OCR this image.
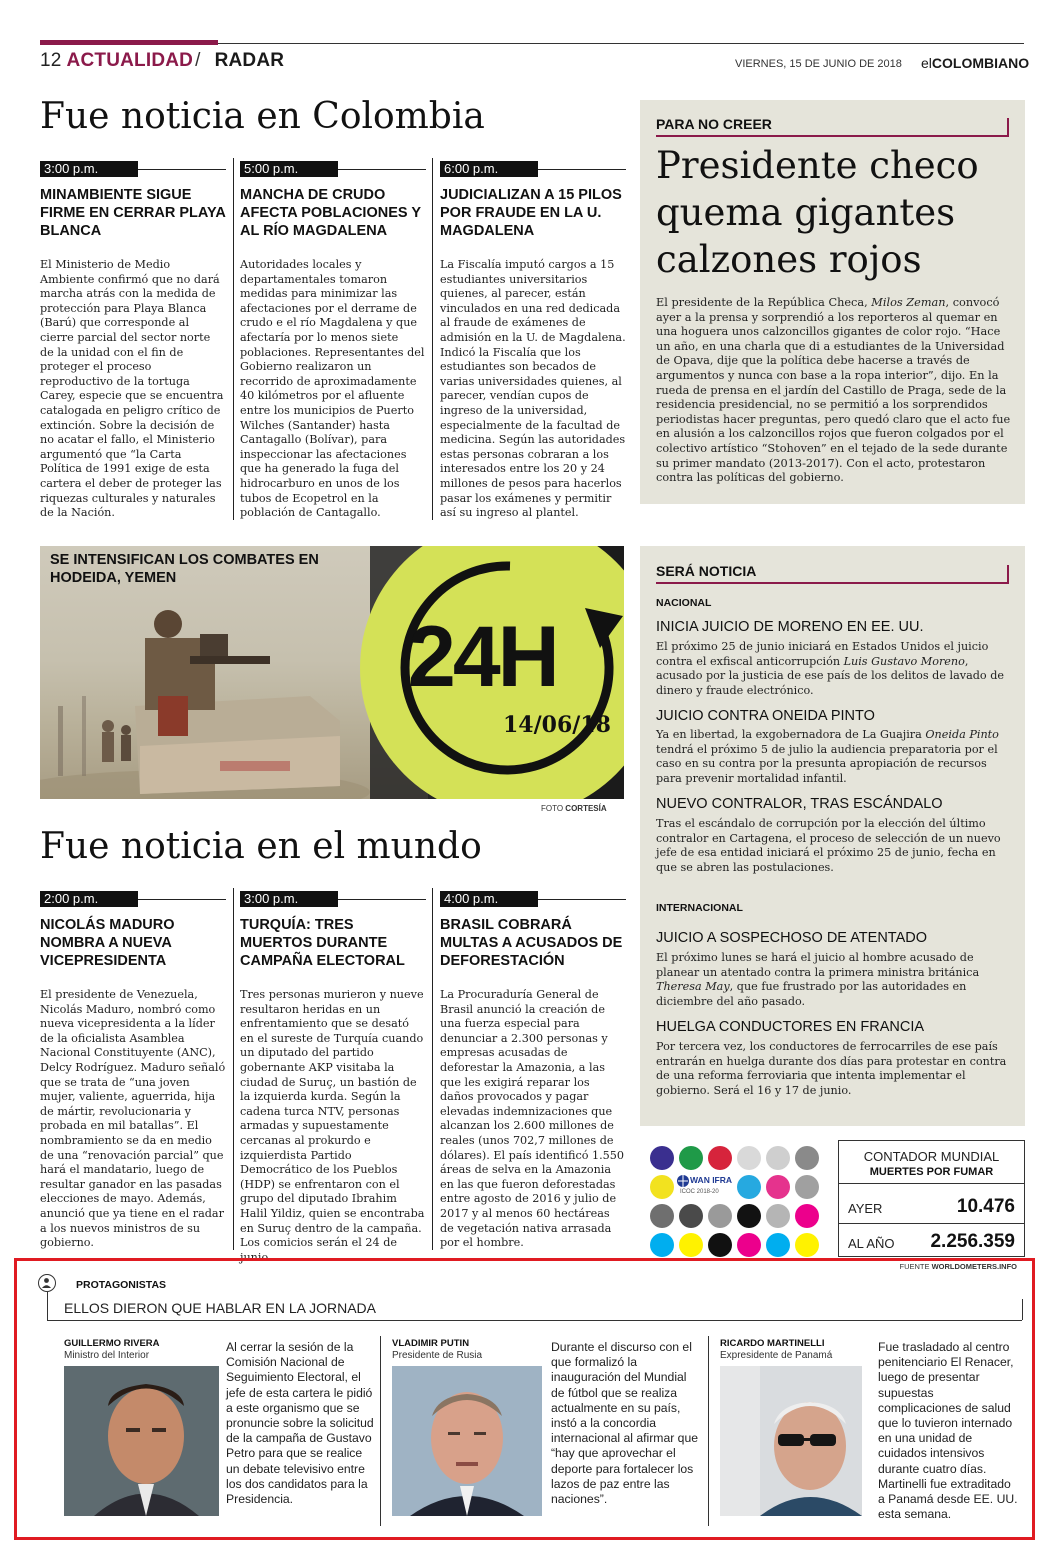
12 ACTUALIDAD / RADAR	VIERNES, 15 DE JUNIO DE 2018 elCOLOMBIANO
Fue noticia en Colombia
3:00 p.m.
MINAMBIENTE SIGUE FIRME EN CERRAR PLAYA BLANCA

El Ministerio de Medio Ambiente confirmó que no dará marcha atrás con la medida de protección para Playa Blanca (Barú) que corresponde al cierre parcial del sector norte de la unidad con el fin de proteger el proceso reproductivo de la tortuga Carey, especie que se encuentra catalogada en peligro crítico de extinción. Sobre la decisión de no acatar el fallo, el Ministerio argumentó que “la Carta Política de 1991 exige de esta cartera el deber de proteger las riquezas culturales y naturales de la Nación.

5:00 p.m.
MANCHA DE CRUDO AFECTA POBLACIONES Y AL RÍO MAGDALENA

Autoridades locales y departamentales tomaron medidas para minimizar las afectaciones por el derrame de crudo e el río Magdalena y que afectaría por lo menos siete poblaciones. Representantes del Gobierno realizaron un recorrido de aproximadamente 40 kilómetros por el afluente entre los municipios de Puerto Wilches (Santander) hasta Cantagallo (Bolívar), para inspeccionar las afectaciones que ha generado la fuga del hidrocarburo en unos de los tubos de Ecopetrol en la población de Cantagallo.

6:00 p.m.
JUDICIALIZAN A 15 PILOS POR FRAUDE EN LA U. MAGDALENA

La Fiscalía imputó cargos a 15 estudiantes universitarios quienes, al parecer, están vinculados en una red dedicada al fraude de exámenes de admisión en la U. de Magdalena. Indicó la Fiscalía que los estudiantes son becados de varias universidades quienes, al parecer, vendían cupos de ingreso de la universidad, especialmente de la facultad de medicina. Según las autoridades estas personas cobraran a los interesados entre los 20 y 24 millones de pesos para hacerlos pasar los exámenes y permitir así su ingreso al plantel.

PARA NO CREER
Presidente checo quema gigantes calzones rojos
El presidente de la República Checa, Milos Zeman, convocó ayer a la prensa y sorprendió a los reporteros al quemar en una hoguera unos calzoncillos gigantes de color rojo. “Hace un año, en una charla que di a estudiantes de la Universidad de Opava, dije que la política debe hacerse a través de argumentos y nunca con base a la ropa interior”, dijo. En la rueda de prensa en el jardín del Castillo de Praga, sede de la residencia presidencial, no se permitió a los sorprendidos periodistas hacer preguntas, pero quedó claro que el acto fue en alusión a los calzoncillos rojos que fueron colgados por el colectivo artístico “Stohoven” en el tejado de la sede durante su primer mandato (2013-2017). Con el acto, protestaron contra las políticas del gobierno.
24H
14/06/18
SE INTENSIFICAN LOS COMBATES EN HODEIDA, YEMEN
FOTO CORTESÍA
SERÁ NOTICIA
NACIONAL
INICIA JUICIO DE MORENO EN EE. UU.
El próximo 25 de junio iniciará en Estados Unidos el juicio contra el exfiscal anticorrupción Luis Gustavo Moreno, acusado por la justicia de ese país de los delitos de lavado de dinero y fraude electrónico.
JUICIO CONTRA ONEIDA PINTO
Ya en libertad, la exgobernadora de La Guajira Oneida Pinto tendrá el próximo 5 de julio la audiencia preparatoria por el caso en su contra por la presunta apropiación de recursos para prevenir mortalidad infantil.
NUEVO CONTRALOR, TRAS ESCÁNDALO
Tras el escándalo de corrupción por la elección del último contralor en Cartagena, el proceso de selección de un nuevo jefe de esa entidad iniciará el próximo 25 de junio, fecha en que se abren las postulaciones.
INTERNACIONAL
JUICIO A SOSPECHOSO DE ATENTADO
El próximo lunes se hará el juicio al hombre acusado de planear un atentado contra la primera ministra británica Theresa May, que fue frustrado por las autoridades en diciembre del año pasado.
HUELGA CONDUCTORES EN FRANCIA
Por tercera vez, los conductores de ferrocarriles de ese país entrarán en huelga durante dos días para protestar en contra de una reforma ferroviaria que intenta implementar el gobierno. Será el 16 y 17 de junio.
Fue noticia en el mundo
2:00 p.m.
NICOLÁS MADURO NOMBRA A NUEVA VICEPRESIDENTA

El presidente de Venezuela, Nicolás Maduro, nombró como nueva vicepresidenta a la líder de la oficialista Asamblea Nacional Constituyente (ANC), Delcy Rodríguez. Maduro señaló que se trata de “una joven mujer, valiente, aguerrida, hija de mártir, revolucionaria y probada en mil batallas”. El nombramiento se da en medio de una “renovación parcial” que hará el mandatario, luego de resultar ganador en las pasadas elecciones de mayo. Además, anunció que ya tiene en el radar a los nuevos ministros de su gobierno.

3:00 p.m.
TURQUÍA: TRES MUERTOS DURANTE CAMPAÑA ELECTORAL

Tres personas murieron y nueve resultaron heridas en un enfrentamiento que se desató en el sureste de Turquía cuando un diputado del partido gobernante AKP visitaba la ciudad de Suruç, un bastión de la izquierda kurda. Según la cadena turca NTV, personas armadas y supuestamente cercanas al prokurdo e izquierdista Partido Democrático de los Pueblos (HDP) se enfrentaron con el grupo del diputado Ibrahim Halil Yildiz, quien se encontraba en Suruç dentro de la campaña. Los comicios serán el 24 de junio.

4:00 p.m.
BRASIL COBRARÁ MULTAS A ACUSADOS DE DEFORESTACIÓN

La Procuraduría General de Brasil anunció la creación de una fuerza especial para denunciar a 2.300 personas y empresas acusadas de deforestar la Amazonia, a las que les exigirá reparar los daños provocados y pagar elevadas indemnizaciones que alcanzan los 2.600 millones de reales (unos 702,7 millones de dólares). El país identificó 1.550 áreas de selva en la Amazonia en las que fueron deforestadas entre agosto de 2016 y julio de 2017 y al menos 60 hectáreas de vegetación nativa arrasada por el hombre.

WAN IFRA
ICOC 2018-20
CONTADOR MUNDIAL
MUERTES POR FUMAR
AYER	10.476
AL AÑO	2.256.359
FUENTE WORLDOMETERS.INFO
PROTAGONISTAS
ELLOS DIERON QUE HABLAR EN LA JORNADA
GUILLERMO RIVERA
Ministro del Interior
Al cerrar la sesión de la Comisión Nacional de Seguimiento Electoral, el jefe de esta cartera le pidió a este organismo que se pronuncie sobre la solicitud de la campaña de Gustavo Petro para que se realice un debate televisivo entre los dos candidatos para la Presidencia.
VLADIMIR PUTIN
Presidente de Rusia
Durante el discurso con el que formalizó la inauguración del Mundial de fútbol que se realiza actualmente en su país, instó a la concordia internacional al afirmar que “hay que aprovechar el deporte para fortalecer los lazos de paz entre las naciones”.
RICARDO MARTINELLI
Expresidente de Panamá
Fue trasladado al centro penitenciario El Renacer, luego de presentar supuestas complicaciones de salud que lo tuvieron internado en una unidad de cuidados intensivos durante cuatro días. Martinelli fue extraditado a Panamá desde EE. UU. esta semana.
